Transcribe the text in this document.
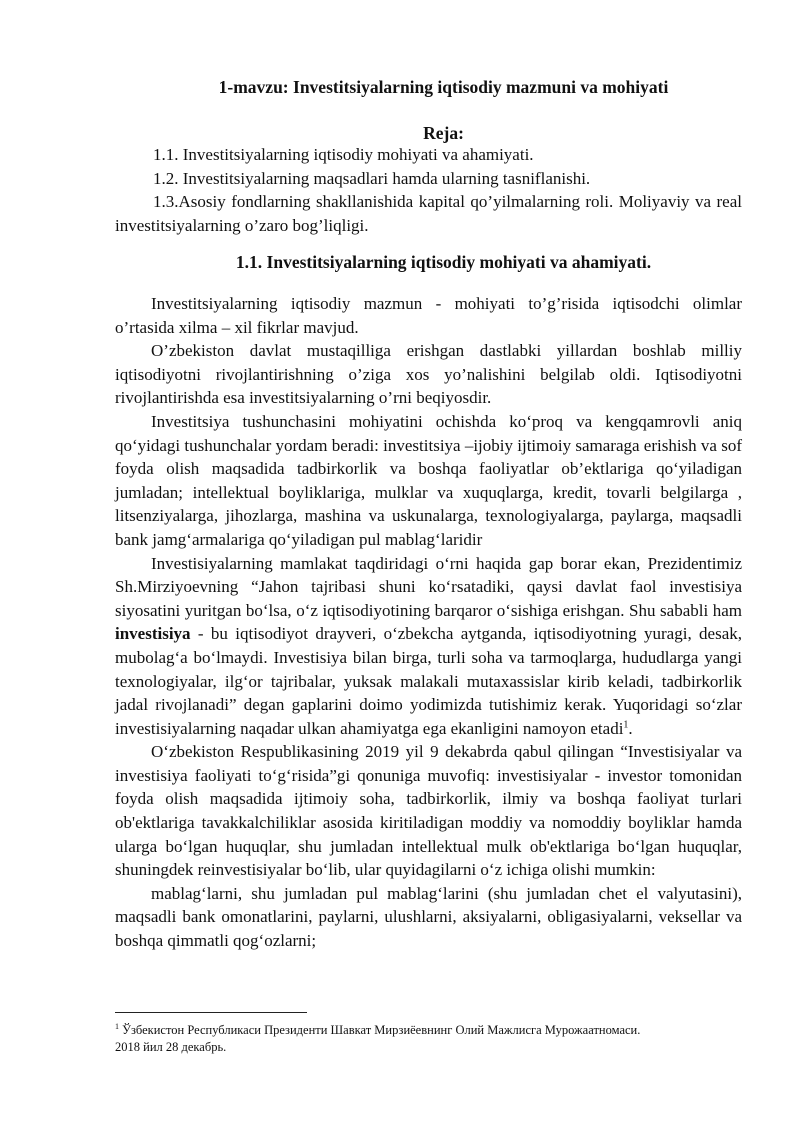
1-mavzu: Investitsiyalarning iqtisodiy mazmuni va mohiyati
Reja:

1.1. Investitsiyalarning iqtisodiy mohiyati va ahamiyati.

1.2. Investitsiyalarning maqsadlari hamda ularning tasniflanishi.

1.3.Asosiy fondlarning shakllanishida kapital qo’yilmalarning roli. Moliyaviy va real investitsiyalarning o’zaro bog’liqligi.

1.1. Investitsiyalarning iqtisodiy mohiyati va ahamiyati.

Investitsiyalarning iqtisodiy mazmun - mohiyati to’g’risida iqtisodchi olimlar o’rtasida xilma – xil fikrlar mavjud.

O’zbekiston davlat mustaqilliga erishgan dastlabki yillardan boshlab milliy iqtisodiyotni rivojlantirishning o’ziga xos yo’nalishini belgilab oldi. Iqtisodiyotni rivojlantirishda esa investitsiyalarning o’rni beqiyosdir.

Investitsiya tushunchasini mohiyatini ochishda ko‘proq va kengqamrovli aniq qo‘yidagi tushunchalar yordam beradi: investitsiya –ijobiy ijtimoiy samaraga erishish va sof foyda olish maqsadida tadbirkorlik va boshqa faoliyatlar ob’ektlariga qo‘yiladigan jumladan; intellektual boyliklariga, mulklar va xuquqlarga, kredit, tovarli belgilarga , litsenziyalarga, jihozlarga, mashina va uskunalarga, texnologiyalarga, paylarga, maqsadli bank jamg‘armalariga qo‘yiladigan pul mablag‘laridir

Investisiyalarning mamlakat taqdiridagi o‘rni haqida gap borar ekan, Prezidentimiz Sh.Mirziyoevning “Jahon tajribasi shuni ko‘rsatadiki, qaysi davlat faol investisiya siyosatini yuritgan bo‘lsa, o‘z iqtisodiyotining barqaror o‘sishiga erishgan. Shu sababli ham investisiya - bu iqtisodiyot drayveri, o‘zbekcha aytganda, iqtisodiyotning yuragi, desak, mubolag‘a bo‘lmaydi. Investisiya bilan birga, turli soha va tarmoqlarga, hududlarga yangi texnologiyalar, ilg‘or tajribalar, yuksak malakali mutaxassislar kirib keladi, tadbirkorlik jadal rivojlanadi” degan gaplarini doimo yodimizda tutishimiz kerak. Yuqoridagi so‘zlar investisiyalarning naqadar ulkan ahamiyatga ega ekanligini namoyon etadi$^1$.

O‘zbekiston Respublikasining 2019 yil 9 dekabrda qabul qilingan “Investisiyalar va investisiya faoliyati to‘g‘risida”gi qonuniga muvofiq: investisiyalar - investor tomonidan foyda olish maqsadida ijtimoiy soha, tadbirkorlik, ilmiy va boshqa faoliyat turlari ob'ektlariga tavakkalchiliklar asosida kiritiladigan moddiy va nomoddiy boyliklar hamda ularga bo‘lgan huquqlar, shu jumladan intellektual mulk ob'ektlariga bo‘lgan huquqlar, shuningdek reinvestisiyalar bo‘lib, ular quyidagilarni o‘z ichiga olishi mumkin:

mablag‘larni, shu jumladan pul mablag‘larini (shu jumladan chet el valyutasini), maqsadli bank omonatlarini, paylarni, ulushlarni, aksiyalarni, obligasiyalarni, veksellar va boshqa qimmatli qog‘ozlarni;

$^1$ Ўзбекистон Республикаси Президенти Шавкат Мирзиёевнинг Олий Мажлисга Мурожаатномаси.

2018 йил 28 декабрь.
